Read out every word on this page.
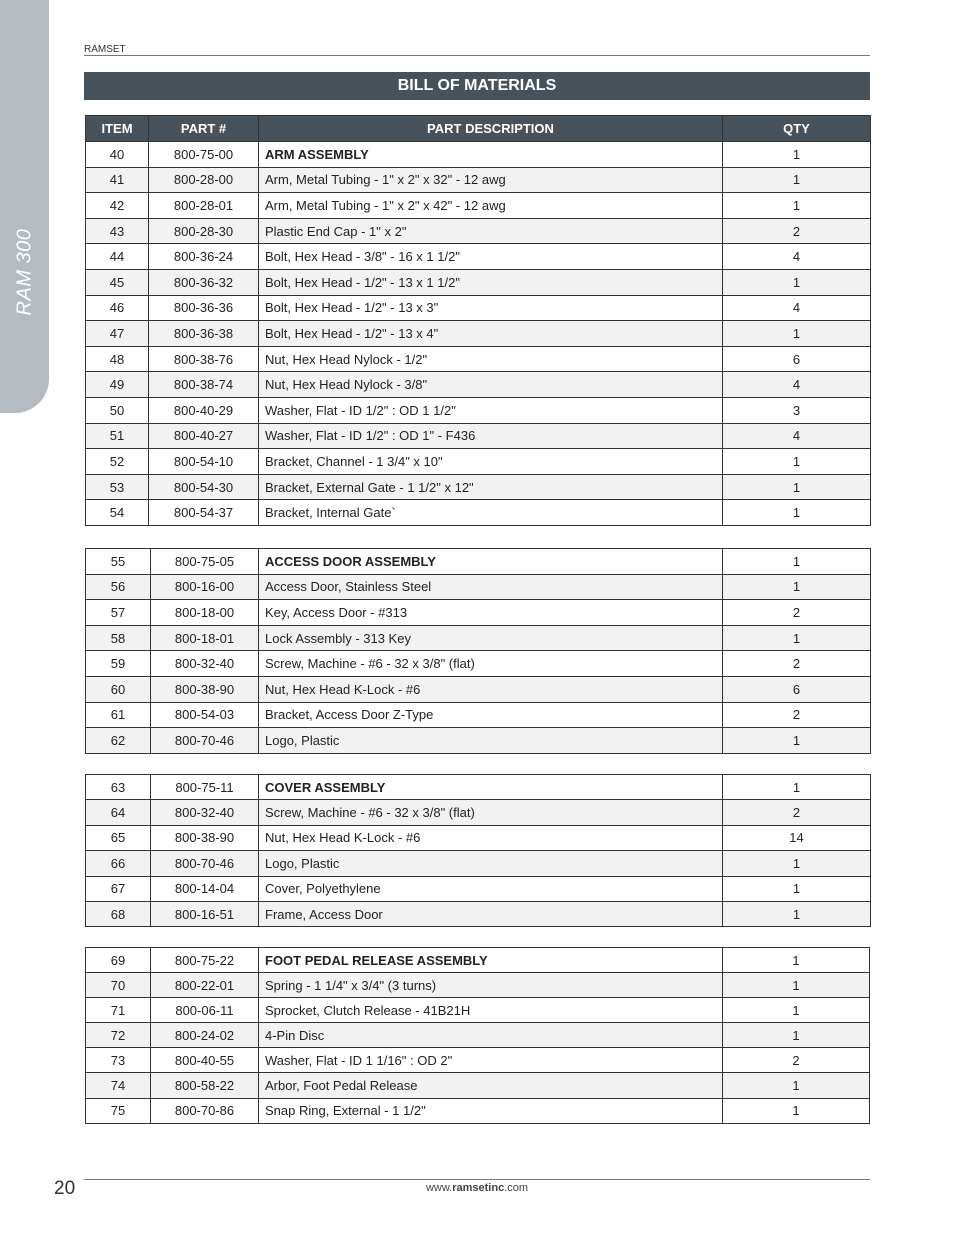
RAM 300
RAMSET
BILL OF MATERIALS
ITEM	PART #	PART DESCRIPTION	QTY
40	800-75-00	ARM ASSEMBLY	1
41	800-28-00	Arm, Metal Tubing - 1" x 2" x 32" - 12 awg	1
42	800-28-01	Arm, Metal Tubing - 1" x 2" x 42" - 12 awg	1
43	800-28-30	Plastic End Cap - 1" x 2"	2
44	800-36-24	Bolt, Hex Head - 3/8" - 16 x 1 1/2"	4
45	800-36-32	Bolt, Hex Head - 1/2" - 13 x 1 1/2"	1
46	800-36-36	Bolt, Hex Head - 1/2" - 13 x 3"	4
47	800-36-38	Bolt, Hex Head - 1/2" - 13 x 4"	1
48	800-38-76	Nut, Hex Head Nylock - 1/2"	6
49	800-38-74	Nut, Hex Head Nylock - 3/8"	4
50	800-40-29	Washer, Flat - ID 1/2" : OD 1 1/2"	3
51	800-40-27	Washer, Flat - ID 1/2" : OD 1" - F436	4
52	800-54-10	Bracket, Channel - 1 3/4" x 10"	1
53	800-54-30	Bracket, External Gate - 1 1/2" x 12"	1
54	800-54-37	Bracket, Internal Gate`	1
55	800-75-05	ACCESS DOOR ASSEMBLY	1
56	800-16-00	Access Door, Stainless Steel	1
57	800-18-00	Key, Access Door - #313	2
58	800-18-01	Lock Assembly - 313 Key	1
59	800-32-40	Screw, Machine - #6 - 32 x 3/8" (flat)	2
60	800-38-90	Nut, Hex Head K-Lock - #6	6
61	800-54-03	Bracket, Access Door Z-Type	2
62	800-70-46	Logo, Plastic	1
63	800-75-11	COVER ASSEMBLY	1
64	800-32-40	Screw, Machine - #6 - 32 x 3/8" (flat)	2
65	800-38-90	Nut, Hex Head K-Lock - #6	14
66	800-70-46	Logo, Plastic	1
67	800-14-04	Cover, Polyethylene	1
68	800-16-51	Frame, Access Door	1
69	800-75-22	FOOT PEDAL RELEASE ASSEMBLY	1
70	800-22-01	Spring - 1 1/4" x 3/4" (3 turns)	1
71	800-06-11	Sprocket, Clutch Release - 41B21H	1
72	800-24-02	4-Pin Disc	1
73	800-40-55	Washer, Flat - ID 1 1/16" : OD 2"	2
74	800-58-22	Arbor, Foot Pedal Release	1
75	800-70-86	Snap Ring, External - 1 1/2"	1
20	www.ramsetinc.com
